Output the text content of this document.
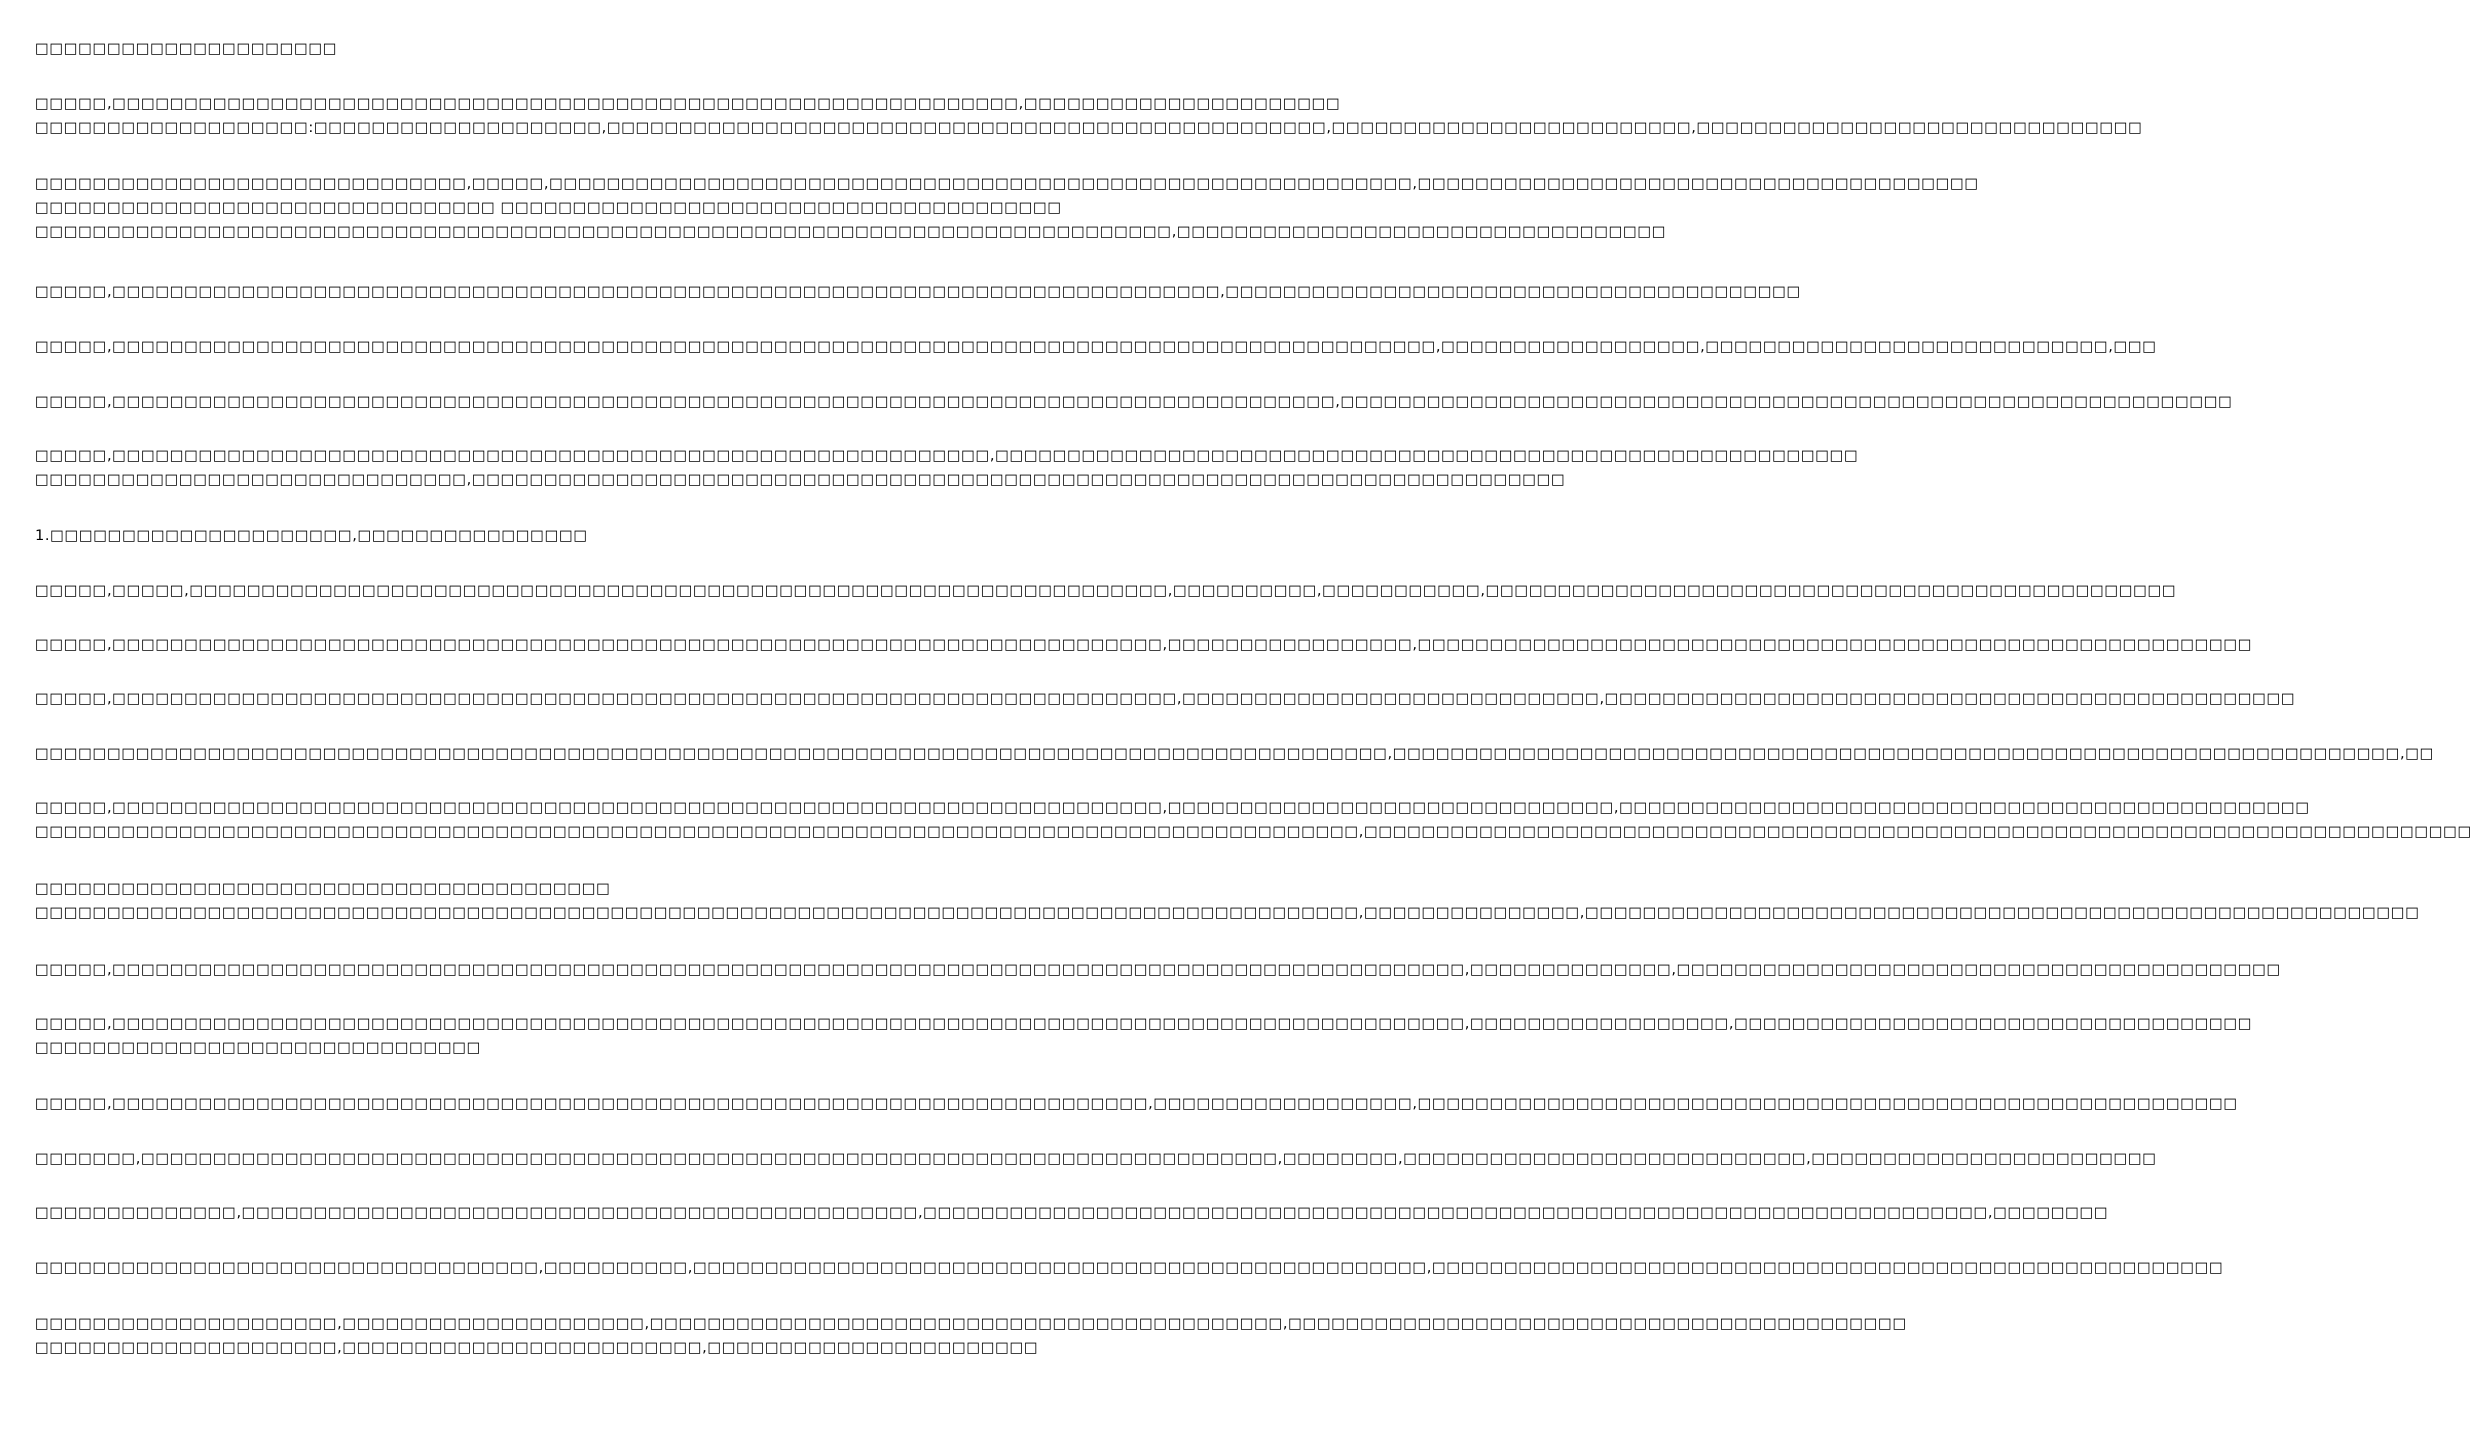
□□□□□□□□□□□□□□□□□□□□□
□□□□□,□□□□□□□□□□□□□□□□□□□□□□□□□□□□□□□□□□□□□□□□□□□□□□□□□□□□□□□□□□□□□□□,□□□□□□□□□□□□□□□□□□□□□□
□□□□□□□□□□□□□□□□□□□:□□□□□□□□□□□□□□□□□□□□,□□□□□□□□□□□□□□□□□□□□□□□□□□□□□□□□□□□□□□□□□□□□□□□□□□,□□□□□□□□□□□□□□□□□□□□□□□□□,□□□□□□□□□□□□□□□□□□□□□□□□□□□□□□□
□□□□□□□□□□□□□□□□□□□□□□□□□□□□□□,□□□□□,□□□□□□□□□□□□□□□□□□□□□□□□□□□□□□□□□□□□□□□□□□□□□□□□□□□□□□□□□□□□,□□□□□□□□□□□□□□□□□□□□□□□□□□□□□□□□□□□□□□□
□□□□□□□□□□□□□□□□□□□□□□□□□□□□□□□□ □□□□□□□□□□□□□□□□□□□□□□□□□□□□□□□□□□□□□□□
□□□□□□□□□□□□□□□□□□□□□□□□□□□□□□□□□□□□□□□□□□□□□□□□□□□□□□□□□□□□□□□□□□□□□□□□□□□□□□□,□□□□□□□□□□□□□□□□□□□□□□□□□□□□□□□□□□
□□□□□,□□□□□□□□□□□□□□□□□□□□□□□□□□□□□□□□□□□□□□□□□□□□□□□□□□□□□□□□□□□□□□□□□□□□□□□□□□□□□,□□□□□□□□□□□□□□□□□□□□□□□□□□□□□□□□□□□□□□□□
□□□□□,□□□□□□□□□□□□□□□□□□□□□□□□□□□□□□□□□□□□□□□□□□□□□□□□□□□□□□□□□□□□□□□□□□□□□□□□□□□□□□□□□□□□□□□□□□□□,□□□□□□□□□□□□□□□□□□,□□□□□□□□□□□□□□□□□□□□□□□□□□□□,□□□
□□□□□,□□□□□□□□□□□□□□□□□□□□□□□□□□□□□□□□□□□□□□□□□□□□□□□□□□□□□□□□□□□□□□□□□□□□□□□□□□□□□□□□□□□□□,□□□□□□□□□□□□□□□□□□□□□□□□□□□□□□□□□□□□□□□□□□□□□□□□□□□□□□□□□□□□□□
□□□□□,□□□□□□□□□□□□□□□□□□□□□□□□□□□□□□□□□□□□□□□□□□□□□□□□□□□□□□□□□□□□□,□□□□□□□□□□□□□□□□□□□□□□□□□□□□□□□□□□□□□□□□□□□□□□□□□□□□□□□□□□□□
□□□□□□□□□□□□□□□□□□□□□□□□□□□□□□,□□□□□□□□□□□□□□□□□□□□□□□□□□□□□□□□□□□□□□□□□□□□□□□□□□□□□□□□□□□□□□□□□□□□□□□□□□□□
1.□□□□□□□□□□□□□□□□□□□□□,□□□□□□□□□□□□□□□□
□□□□□,□□□□□,□□□□□□□□□□□□□□□□□□□□□□□□□□□□□□□□□□□□□□□□□□□□□□□□□□□□□□□□□□□□□□□□□□□□,□□□□□□□□□□,□□□□□□□□□□□,□□□□□□□□□□□□□□□□□□□□□□□□□□□□□□□□□□□□□□□□□□□□□□□□
□□□□□,□□□□□□□□□□□□□□□□□□□□□□□□□□□□□□□□□□□□□□□□□□□□□□□□□□□□□□□□□□□□□□□□□□□□□□□□□,□□□□□□□□□□□□□□□□□,□□□□□□□□□□□□□□□□□□□□□□□□□□□□□□□□□□□□□□□□□□□□□□□□□□□□□□□□□□
□□□□□,□□□□□□□□□□□□□□□□□□□□□□□□□□□□□□□□□□□□□□□□□□□□□□□□□□□□□□□□□□□□□□□□□□□□□□□□□□,□□□□□□□□□□□□□□□□□□□□□□□□□□□□□,□□□□□□□□□□□□□□□□□□□□□□□□□□□□□□□□□□□□□□□□□□□□□□□□
□□□□□□□□□□□□□□□□□□□□□□□□□□□□□□□□□□□□□□□□□□□□□□□□□□□□□□□□□□□□□□□□□□□□□□□□□□□□□□□□□□□□□□□□□□□□□□,□□□□□□□□□□□□□□□□□□□□□□□□□□□□□□□□□□□□□□□□□□□□□□□□□□□□□□□□□□□□□□□□□□□□□□,□□
□□□□□,□□□□□□□□□□□□□□□□□□□□□□□□□□□□□□□□□□□□□□□□□□□□□□□□□□□□□□□□□□□□□□□□□□□□□□□□□,□□□□□□□□□□□□□□□□□□□□□□□□□□□□□□□,□□□□□□□□□□□□□□□□□□□□□□□□□□□□□□□□□□□□□□□□□□□□□□□□
□□□□□□□□□□□□□□□□□□□□□□□□□□□□□□□□□□□□□□□□□□□□□□□□□□□□□□□□□□□□□□□□□□□□□□□□□□□□□□□□□□□□□□□□□□□□,□□□□□□□□□□□□□□□□□□□□□□□□□□□□□□□□□□□□□□□□□□□□□□□□□□□□□□□□□□□□□□□□□□□□□□□□□□□□□
□□□□□□□□□□□□□□□□□□□□□□□□□□□□□□□□□□□□□□□□
□□□□□□□□□□□□□□□□□□□□□□□□□□□□□□□□□□□□□□□□□□□□□□□□□□□□□□□□□□□□□□□□□□□□□□□□□□□□□□□□□□□□□□□□□□□□,□□□□□□□□□□□□□□□,□□□□□□□□□□□□□□□□□□□□□□□□□□□□□□□□□□□□□□□□□□□□□□□□□□□□□□□□□□
□□□□□,□□□□□□□□□□□□□□□□□□□□□□□□□□□□□□□□□□□□□□□□□□□□□□□□□□□□□□□□□□□□□□□□□□□□□□□□□□□□□□□□□□□□□□□□□□□□□□,□□□□□□□□□□□□□□,□□□□□□□□□□□□□□□□□□□□□□□□□□□□□□□□□□□□□□□□□□
□□□□□,□□□□□□□□□□□□□□□□□□□□□□□□□□□□□□□□□□□□□□□□□□□□□□□□□□□□□□□□□□□□□□□□□□□□□□□□□□□□□□□□□□□□□□□□□□□□□□,□□□□□□□□□□□□□□□□□□,□□□□□□□□□□□□□□□□□□□□□□□□□□□□□□□□□□□□
□□□□□□□□□□□□□□□□□□□□□□□□□□□□□□□
□□□□□,□□□□□□□□□□□□□□□□□□□□□□□□□□□□□□□□□□□□□□□□□□□□□□□□□□□□□□□□□□□□□□□□□□□□□□□□,□□□□□□□□□□□□□□□□□□,□□□□□□□□□□□□□□□□□□□□□□□□□□□□□□□□□□□□□□□□□□□□□□□□□□□□□□□□□
□□□□□□□,□□□□□□□□□□□□□□□□□□□□□□□□□□□□□□□□□□□□□□□□□□□□□□□□□□□□□□□□□□□□□□□□□□□□□□□□□□□□□□□,□□□□□□□□,□□□□□□□□□□□□□□□□□□□□□□□□□□□□,□□□□□□□□□□□□□□□□□□□□□□□□
□□□□□□□□□□□□□□,□□□□□□□□□□□□□□□□□□□□□□□□□□□□□□□□□□□□□□□□□□□□□□□,□□□□□□□□□□□□□□□□□□□□□□□□□□□□□□□□□□□□□□□□□□□□□□□□□□□□□□□□□□□□□□□□□□□□□□□□□□,□□□□□□□□
□□□□□□□□□□□□□□□□□□□□□□□□□□□□□□□□□□□,□□□□□□□□□□,□□□□□□□□□□□□□□□□□□□□□□□□□□□□□□□□□□□□□□□□□□□□□□□□□□□,□□□□□□□□□□□□□□□□□□□□□□□□□□□□□□□□□□□□□□□□□□□□□□□□□□□□□□□
□□□□□□□□□□□□□□□□□□□□□,□□□□□□□□□□□□□□□□□□□□□,□□□□□□□□□□□□□□□□□□□□□□□□□□□□□□□□□□□□□□□□□□□□,□□□□□□□□□□□□□□□□□□□□□□□□□□□□□□□□□□□□□□□□□□□
□□□□□□□□□□□□□□□□□□□□□,□□□□□□□□□□□□□□□□□□□□□□□□□,□□□□□□□□□□□□□□□□□□□□□□□
